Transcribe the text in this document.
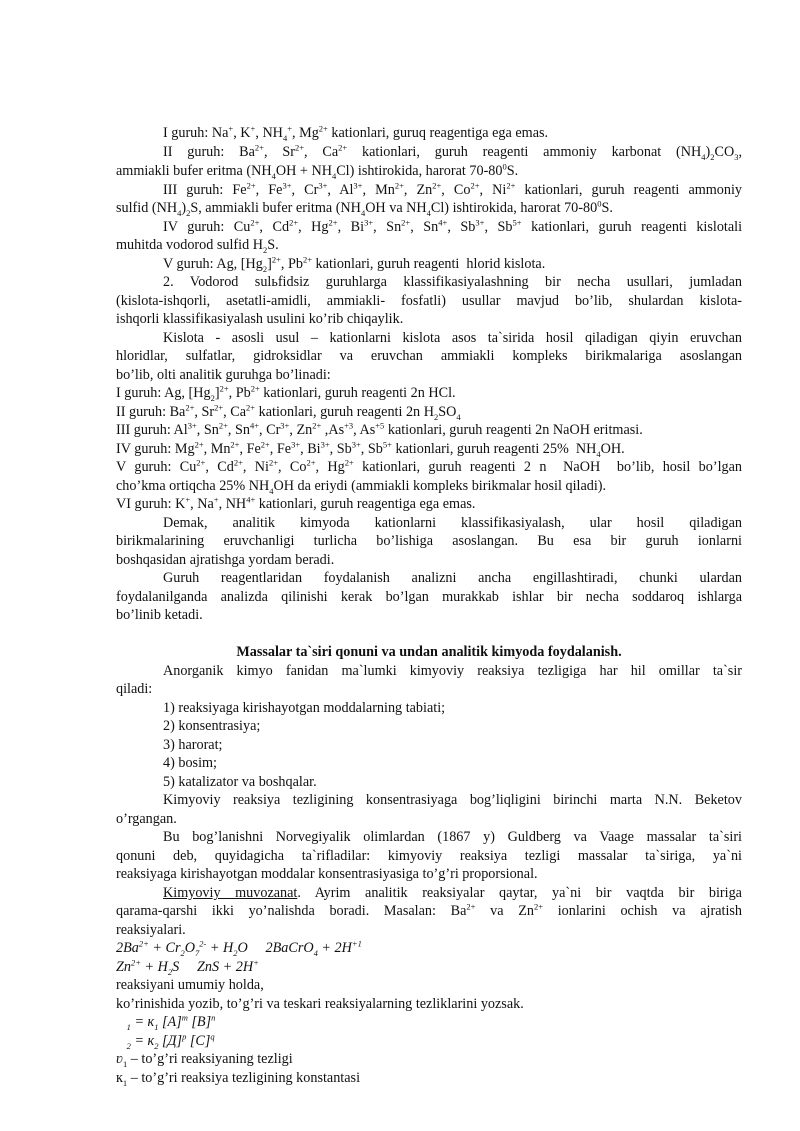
I guruh: Na+, K+, $NH_4^+$, $Mg^{2+}$ kationlari, guruq reagentiga ega emas.
II guruh: $Ba^{2+}$, $Sr^{2+}$, $Ca^{2+}$ kationlari, guruh reagenti ammoniy karbonat $(NH_4)_2CO_3$,
ammiakli bufer eritma $(NH_4OH + NH_4Cl)$ ishtirokida, harorat $70-80^0S$.
III guruh: $Fe^{2+}$, $Fe^{3+}$, $Cr^{3+}$, $Al^{3+}$, $Mn^{2+}$, $Zn^{2+}$, $Co^{2+}$, $Ni^{2+}$ kationlari, guruh reagenti ammoniy
sulfid $(NH_4)_2S$, ammiakli bufer eritma ($NH_4OH$ va $NH_4Cl$) ishtirokida, harorat $70-80^0S$.
IV guruh: $Cu^{2+}$, $Cd^{2+}$, $Hg^{2+}$, $Bi^{3+}$, $Sn^{2+}$, $Sn^{4+}$, $Sb^{3+}$, $Sb^{5+}$ kationlari, guruh reagenti kislotali
muhitda vodorod sulfid $H_2S$.
V guruh: Ag, $[Hg_2]^{2+}$, $Pb^{2+}$ kationlari, guruh reagenti  hlorid kislota.
2. Vodorod sulьfidsiz guruhlarga klassifikasiyalashning bir necha usullari, jumladan
(kislota-ishqorli, asetatli-amidli, ammiakli- fosfatli) usullar mavjud bo’lib, shulardan kislota-
ishqorli klassifikasiyalash usulini ko’rib chiqaylik.
Kislota - asosli usul – kationlarni kislota asos ta`sirida hosil qiladigan qiyin eruvchan
hloridlar, sulfatlar, gidroksidlar va eruvchan ammiakli kompleks birikmalariga asoslangan
bo’lib, olti analitik guruhga bo’linadi:
I guruh: Ag, $[Hg_2]^{2+}$, $Pb^{2+}$ kationlari, guruh reagenti 2n HCl.
II guruh: $Ba^{2+}$, $Sr^{2+}$, $Ca^{2+}$ kationlari, guruh reagenti 2n $H_2SO_4$
III guruh: $Al^{3+}$, $Sn^{2+}$, $Sn^{4+}$, $Cr^{3+}$, $Zn^{2+}$ $,As^{+3}$, $As^{+5}$ kationlari, guruh reagenti 2n NaOH eritmasi.
IV guruh: $Mg^{2+}$, $Mn^{2+}$, $Fe^{2+}$, $Fe^{3+}$, $Bi^{3+}$, $Sb^{3+}$, $Sb^{5+}$ kationlari, guruh reagenti 25%  $NH_4OH$.
V guruh: $Cu^{2+}$, $Cd^{2+}$, $Ni^{2+}$, $Co^{2+}$, $Hg^{2+}$ kationlari, guruh reagenti 2 n  NaOH  bo’lib, hosil bo’lgan
cho’kma ortiqcha 25% $NH_4OH$ da eriydi (ammiakli kompleks birikmalar hosil qiladi).
VI guruh: K+, Na+, $NH^{4+}$ kationlari, guruh reagentiga ega emas.
Demak, analitik kimyoda kationlarni klassifikasiyalash, ular hosil qiladigan
birikmalarining eruvchanligi turlicha bo’lishiga asoslangan. Bu esa bir guruh ionlarni
boshqasidan ajratishga yordam beradi.
Guruh reagentlaridan foydalanish analizni ancha engillashtiradi, chunki ulardan
foydalanilganda analizda qilinishi kerak bo’lgan murakkab ishlar bir necha soddaroq ishlarga
bo’linib ketadi.
Massalar ta`siri qonuni va undan analitik kimyoda foydalanish.
Anorganik kimyo fanidan ma`lumki kimyoviy reaksiya tezligiga har hil omillar ta`sir
qiladi:
1) reaksiyaga kirishayotgan moddalarning tabiati;
2) konsentrasiya;
3) harorat;
4) bosim;
5) katalizator va boshqalar.
Kimyoviy reaksiya tezligining konsentrasiyaga bog’liqligini birinchi marta N.N. Beketov
o’rgangan.
Bu bog’lanishni Norvegiyalik olimlardan (1867 y) Guldberg va Vaage massalar ta`siri
qonuni deb, quyidagicha ta`rifladilar: kimyoviy reaksiya tezligi massalar ta`siriga, ya`ni
reaksiyaga kirishayotgan moddalar konsentrasiyasiga to’g’ri proporsional.
Kimyoviy muvozanat. Ayrim analitik reaksiyalar qaytar, ya`ni bir vaqtda bir biriga
qarama-qarshi ikki yo’nalishda boradi. Masalan: $Ba^{2+}$ va $Zn^{2+}$ ionlarini ochish va ajratish
reaksiyalari.
$2Ba^{2+} + Cr_2O_7^{2-} + H_2O$     2BaCrO$_4$ + $2H^{+1}$
$Zn^{2+} + H_2S$     ZnS + 2H+
reaksiyani umumiy holda,
ko’rinishida yozib, to’g’ri va teskari reaksiyalarning tezliklarini yozsak.
$_1 = к_1$ $[A]^m$ $[B]^n$
$_2 = к_2$ $[Д]^p$ $[C]^q$
ʋ$_1$ – to’g’ri reaksiyaning tezligi
$к_1$ – to’g’ri reaksiya tezligining konstantasi
